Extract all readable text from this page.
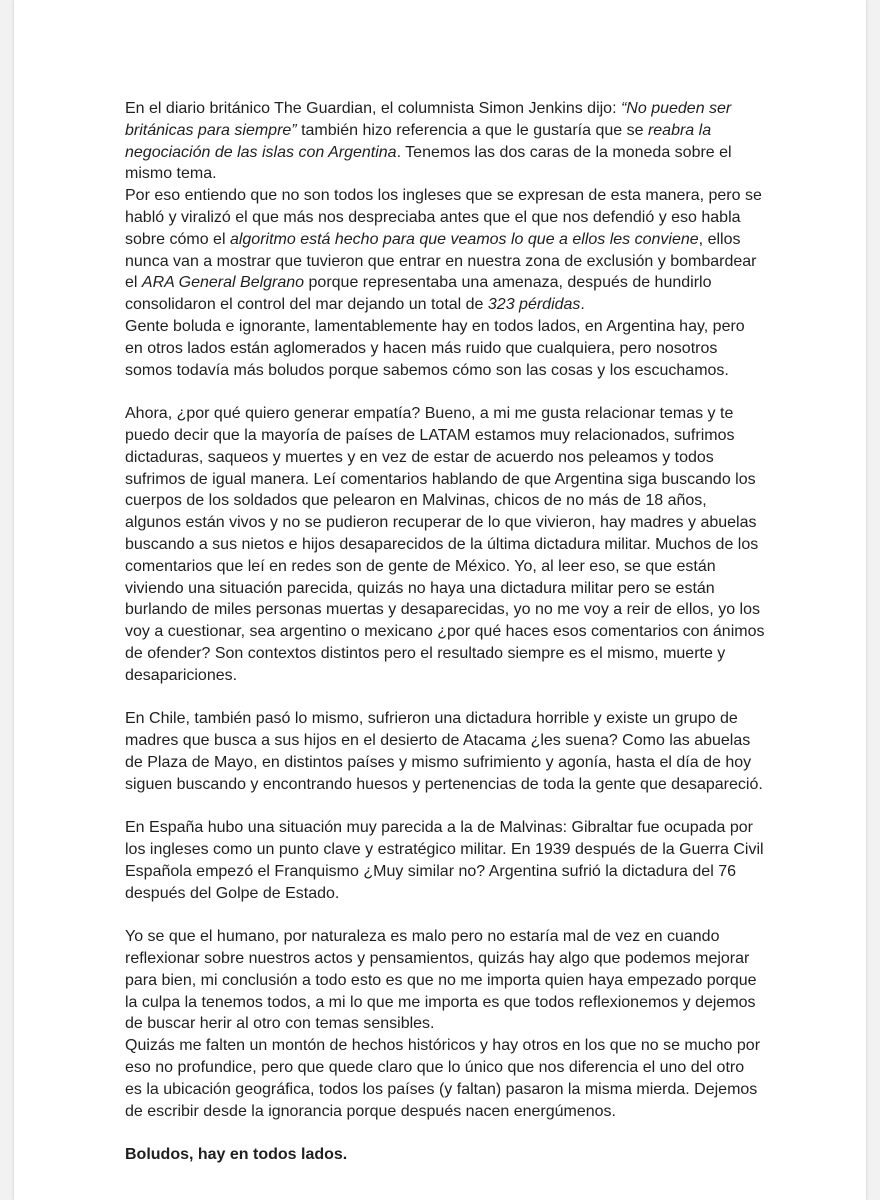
En el diario británico The Guardian, el columnista Simon Jenkins dijo: “No pueden ser británicas para siempre” también hizo referencia a que le gustaría que se reabra la negociación de las islas con Argentina. Tenemos las dos caras de la moneda sobre el mismo tema.

Por eso entiendo que no son todos los ingleses que se expresan de esta manera, pero se habló y viralizó el que más nos despreciaba antes que el que nos defendió y eso habla sobre cómo el algoritmo está hecho para que veamos lo que a ellos les conviene, ellos nunca van a mostrar que tuvieron que entrar en nuestra zona de exclusión y bombardear el ARA General Belgrano porque representaba una amenaza, después de hundirlo consolidaron el control del mar dejando un total de 323 pérdidas.

Gente boluda e ignorante, lamentablemente hay en todos lados, en Argentina hay, pero en otros lados están aglomerados y hacen más ruido que cualquiera, pero nosotros somos todavía más boludos porque sabemos cómo son las cosas y los escuchamos.

Ahora, ¿por qué quiero generar empatía? Bueno, a mi me gusta relacionar temas y te puedo decir que la mayoría de países de LATAM estamos muy relacionados, sufrimos dictaduras, saqueos y muertes y en vez de estar de acuerdo nos peleamos y todos sufrimos de igual manera. Leí comentarios hablando de que Argentina siga buscando los cuerpos de los soldados que pelearon en Malvinas, chicos de no más de 18 años, algunos están vivos y no se pudieron recuperar de lo que vivieron, hay madres y abuelas buscando a sus nietos e hijos desaparecidos de la última dictadura militar. Muchos de los comentarios que leí en redes son de gente de México. Yo, al leer eso, se que están viviendo una situación parecida, quizás no haya una dictadura militar pero se están burlando de miles personas muertas y desaparecidas, yo no me voy a reir de ellos, yo los voy a cuestionar, sea argentino o mexicano ¿por qué haces esos comentarios con ánimos de ofender? Son contextos distintos pero el resultado siempre es el mismo, muerte y desapariciones.

En Chile, también pasó lo mismo, sufrieron una dictadura horrible y existe un grupo de madres que busca a sus hijos en el desierto de Atacama ¿les suena? Como las abuelas de Plaza de Mayo, en distintos países y mismo sufrimiento y agonía, hasta el día de hoy siguen buscando y encontrando huesos y pertenencias de toda la gente que desapareció.

En España hubo una situación muy parecida a la de Malvinas: Gibraltar fue ocupada por los ingleses como un punto clave y estratégico militar. En 1939 después de la Guerra Civil Española empezó el Franquismo ¿Muy similar no? Argentina sufrió la dictadura del 76 después del Golpe de Estado.

Yo se que el humano, por naturaleza es malo pero no estaría mal de vez en cuando reflexionar sobre nuestros actos y pensamientos, quizás hay algo que podemos mejorar para bien, mi conclusión a todo esto es que no me importa quien haya empezado porque la culpa la tenemos todos, a mi lo que me importa es que todos reflexionemos y dejemos de buscar herir al otro con temas sensibles.

Quizás me falten un montón de hechos históricos y hay otros en los que no se mucho por eso no profundice, pero que quede claro que lo único que nos diferencia el uno del otro es la ubicación geográfica, todos los países (y faltan) pasaron la misma mierda. Dejemos de escribir desde la ignorancia porque después nacen energúmenos.

Boludos, hay en todos lados.
